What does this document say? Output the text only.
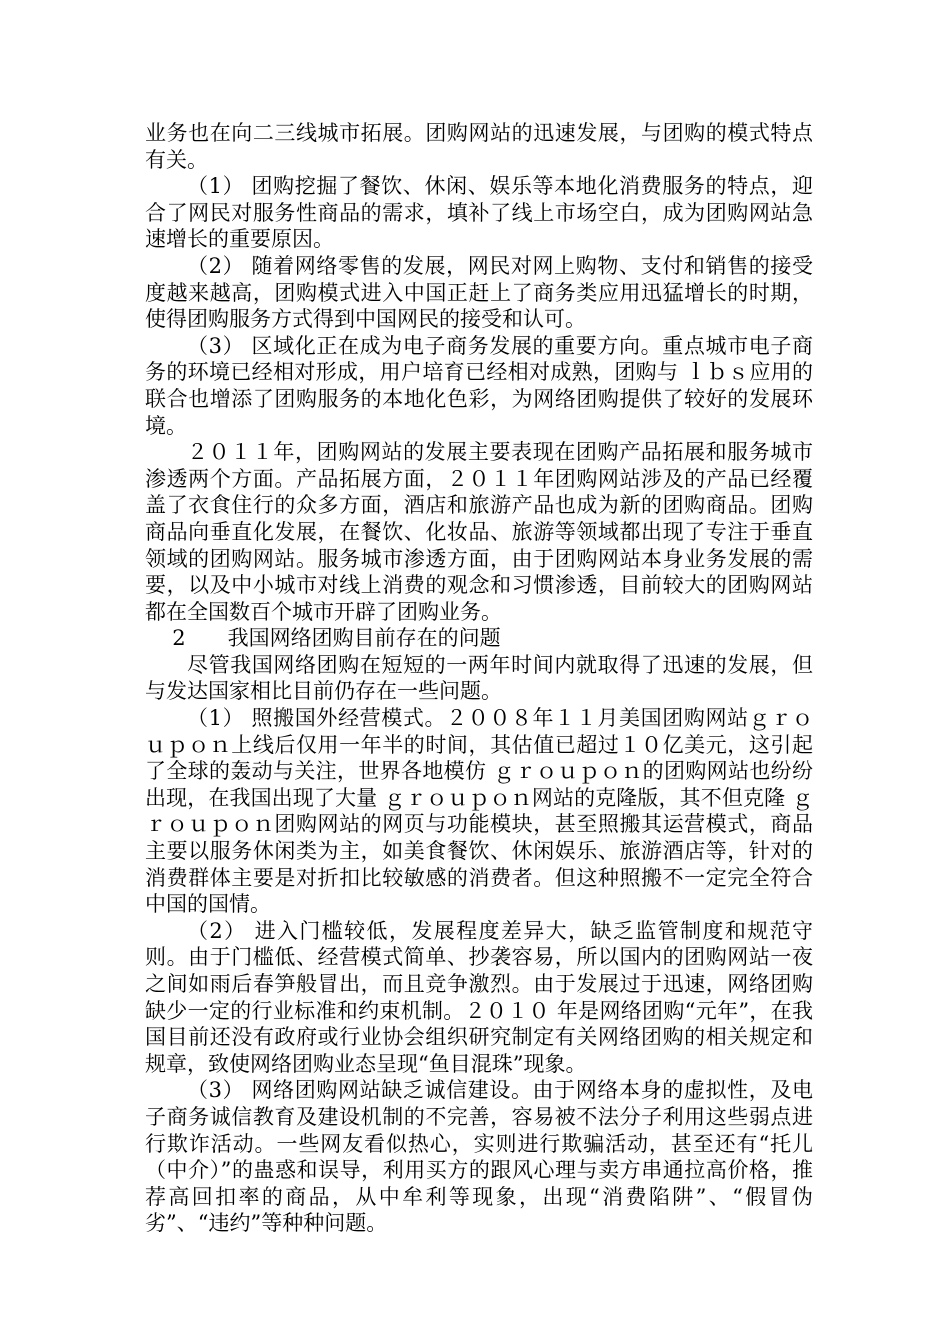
业务也在向二三线城市拓展。团购网站的迅速发展，与团购的模式特点有关。

（1） 团购挖掘了餐饮、休闲、娱乐等本地化消费服务的特点，迎合了网民对服务性商品的需求，填补了线上市场空白，成为团购网站急速增长的重要原因。

（2） 随着网络零售的发展，网民对网上购物、支付和销售的接受度越来越高，团购模式进入中国正赶上了商务类应用迅猛增长的时期，使得团购服务方式得到中国网民的接受和认可。

（3） 区域化正在成为电子商务发展的重要方向。重点城市电子商务的环境已经相对形成，用户培育已经相对成熟，团购与 ｌｂｓ应用的联合也增添了团购服务的本地化色彩，为网络团购提供了较好的发展环境。

２０１１年，团购网站的发展主要表现在团购产品拓展和服务城市渗透两个方面。产品拓展方面，２０１１年团购网站涉及的产品已经覆盖了衣食住行的众多方面，酒店和旅游产品也成为新的团购商品。团购商品向垂直化发展，在餐饮、化妆品、旅游等领域都出现了专注于垂直领域的团购网站。服务城市渗透方面，由于团购网站本身业务发展的需要，以及中小城市对线上消费的观念和习惯渗透，目前较大的团购网站都在全国数百个城市开辟了团购业务。

2　　我国网络团购目前存在的问题

尽管我国网络团购在短短的一两年时间内就取得了迅速的发展，但与发达国家相比目前仍存在一些问题。

（1） 照搬国外经营模式。２００８年１１月美国团购网站ｇｒｏｕｐｏｎ上线后仅用一年半的时间，其估值已超过１０亿美元，这引起了全球的轰动与关注，世界各地模仿 ｇｒｏｕｐｏｎ的团购网站也纷纷出现，在我国出现了大量 ｇｒｏｕｐｏｎ网站的克隆版，其不但克隆 ｇｒｏｕｐｏｎ团购网站的网页与功能模块，甚至照搬其运营模式，商品主要以服务休闲类为主，如美食餐饮、休闲娱乐、旅游酒店等，针对的消费群体主要是对折扣比较敏感的消费者。但这种照搬不一定完全符合中国的国情。

（2） 进入门槛较低，发展程度差异大，缺乏监管制度和规范守则。由于门槛低、经营模式简单、抄袭容易，所以国内的团购网站一夜之间如雨后春笋般冒出，而且竞争激烈。由于发展过于迅速，网络团购缺少一定的行业标准和约束机制。２０１０ 年是网络团购“元年”，在我国目前还没有政府或行业协会组织研究制定有关网络团购的相关规定和规章，致使网络团购业态呈现“鱼目混珠”现象。

（3） 网络团购网站缺乏诚信建设。由于网络本身的虚拟性，及电子商务诚信教育及建设机制的不完善，容易被不法分子利用这些弱点进行欺诈活动。一些网友看似热心，实则进行欺骗活动，甚至还有“托儿（中介）”的蛊惑和误导，利用买方的跟风心理与卖方串通拉高价格，推荐高回扣率的商品，从中牟利等现象，出现“消费陷阱”、“假冒伪劣”、“违约”等种种问题。
